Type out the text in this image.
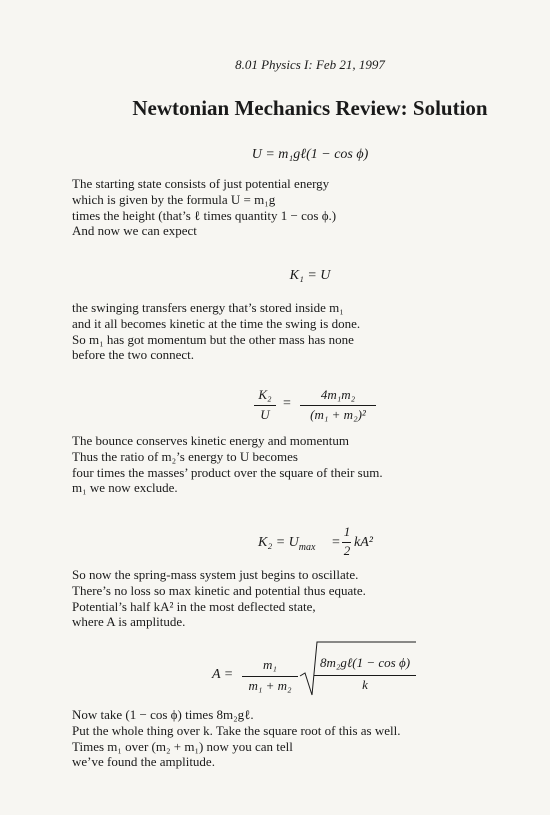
8.01 Physics I: Feb 21, 1997
Newtonian Mechanics Review: Solution
U = m₁gℓ(1 − cos ϕ)

The starting state consists of just potential energy

which is given by the formula U = m₁g

times the height (that’s ℓ times quantity 1 − cos ϕ.)

And now we can expect

K₁ = U

the swinging transfers energy that’s stored inside m₁

and it all becomes kinetic at the time the swing is done.

So m₁ has got momentum but the other mass has none

before the two connect.

K₂
U
=
4m₁m₂
(m₁ + m₂)²

The bounce conserves kinetic energy and momentum

Thus the ratio of m₂’s energy to U becomes

four times the masses’ product over the square of their sum.

m₁ we now exclude.

$K_2 = U_{max}$ =
1
2
kA²

So now the spring-mass system just begins to oscillate.

There’s no loss so max kinetic and potential thus equate.

Potential’s half kA² in the most deflected state,

where A is amplitude.

A =
m₁
m₁ + m₂
8m₂gℓ(1 − cos ϕ)
k

Now take (1 − cos ϕ) times 8m₂gℓ.

Put the whole thing over k. Take the square root of this as well.

Times m₁ over (m₂ + m₁) now you can tell

we’ve found the amplitude.
